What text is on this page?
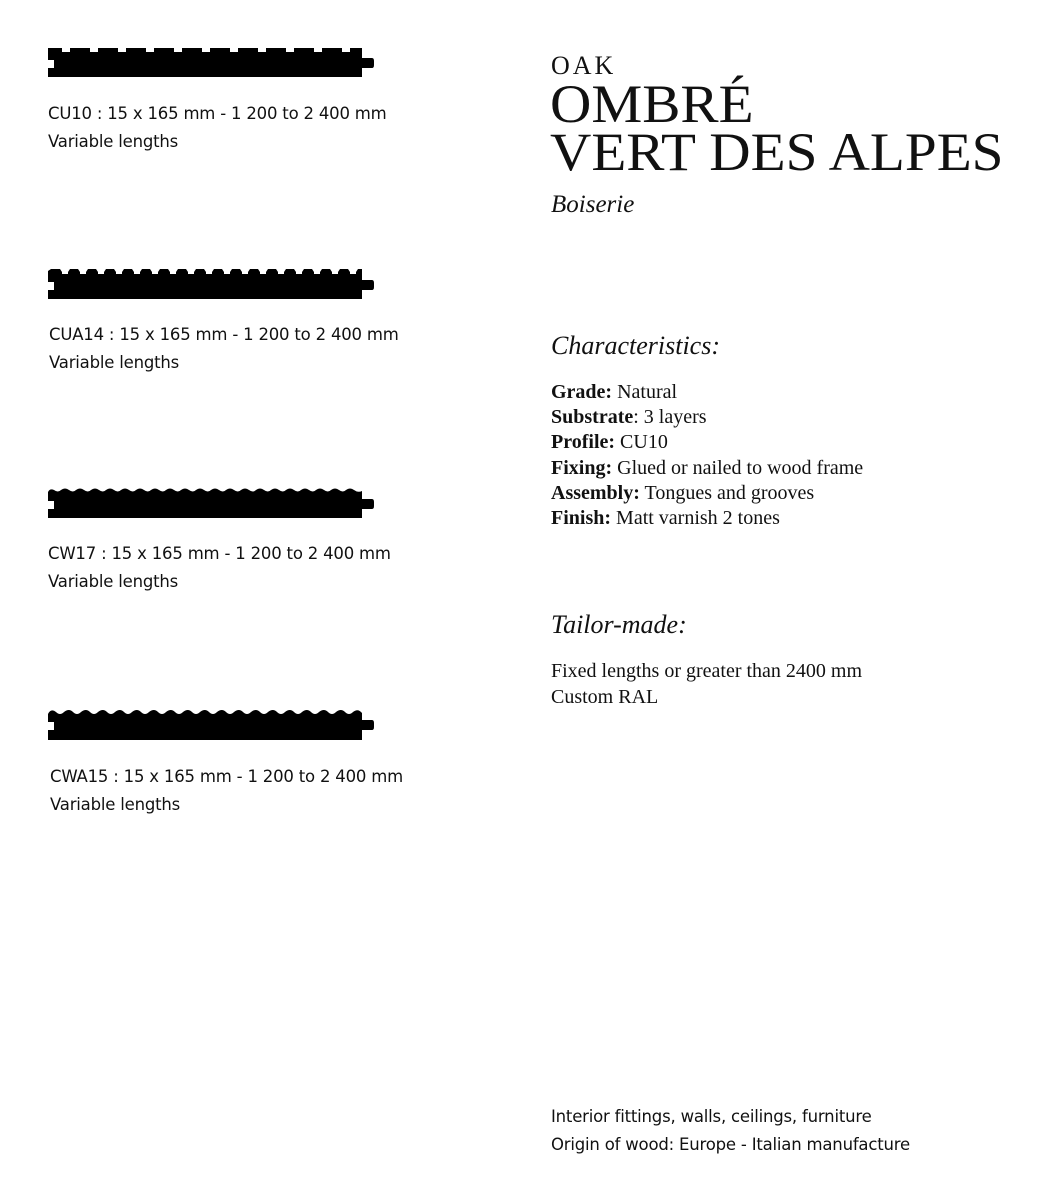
CU10 : 15 x 165 mm - 1 200 to 2 400 mm
Variable lengths
CUA14 : 15 x 165 mm - 1 200 to 2 400 mm
Variable lengths
CW17 : 15 x 165 mm - 1 200 to 2 400 mm
Variable lengths
CWA15 : 15 x 165 mm - 1 200 to 2 400 mm
Variable lengths
OAK
OMBRÉ
VERT DES ALPES
Boiserie
Characteristics:
Grade: Natural
Substrate: 3 layers
Profile: CU10
Fixing: Glued or nailed to wood frame
Assembly: Tongues and grooves
Finish: Matt varnish 2 tones
Tailor-made:
Fixed lengths or greater than 2400 mm
Custom RAL
Interior fittings, walls, ceilings, furniture
Origin of wood: Europe - Italian manufacture
